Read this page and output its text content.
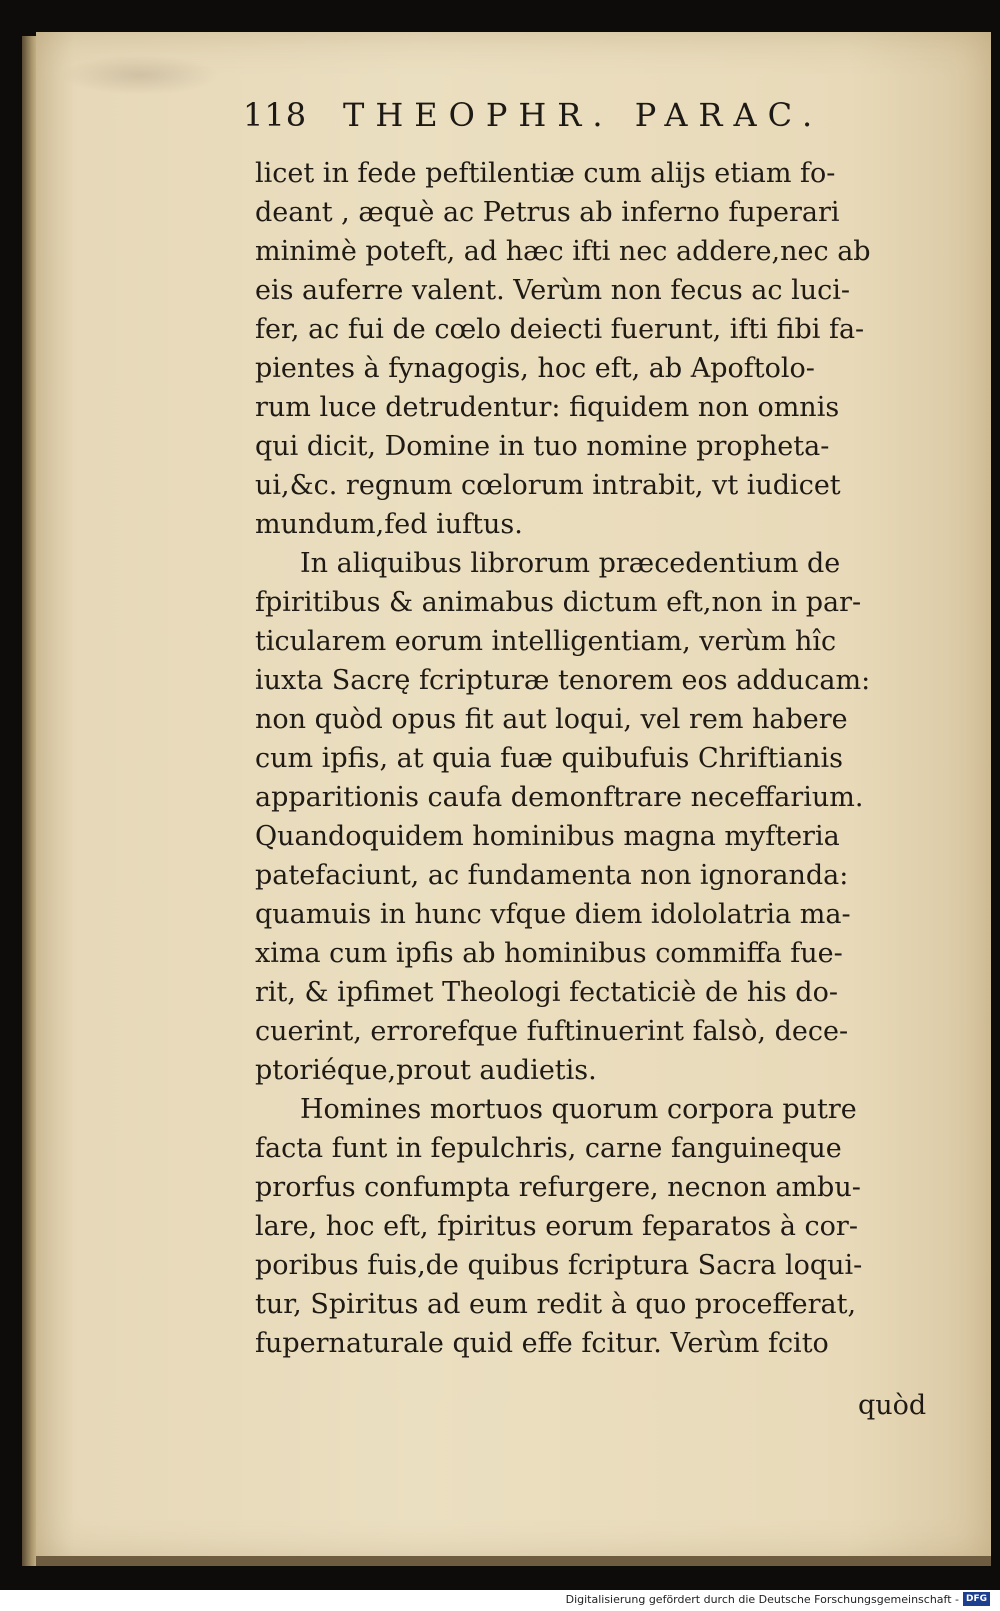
118 THEOPHR. PARAC.
licet in fede peftilentiæ cum alijs etiam fo-
deant , æquè ac Petrus ab inferno fuperari
minimè poteft, ad hæc ifti nec addere,nec ab
eis auferre valent. Verùm non fecus ac luci-
fer, ac fui de cœlo deiecti fuerunt, ifti fibi fa-
pientes à fynagogis, hoc eft, ab Apoftolo-
rum luce detrudentur: fiquidem non omnis
qui dicit, Domine in tuo nomine propheta-
ui,&c. regnum cœlorum intrabit, vt iudicet
mundum,fed iuftus.
In aliquibus librorum præcedentium de
fpiritibus & animabus dictum eft,non in par-
ticularem eorum intelligentiam, verùm hîc
iuxta Sacrę fcripturæ tenorem eos adducam:
non quòd opus fit aut loqui, vel rem habere
cum ipfis, at quia fuæ quibufuis Chriftianis
apparitionis caufa demonftrare neceffarium.
Quandoquidem hominibus magna myfteria
patefaciunt, ac fundamenta non ignoranda:
quamuis in hunc vfque diem idololatria ma-
xima cum ipfis ab hominibus commiffa fue-
rit, & ipfimet Theologi fectaticiè de his do-
cuerint, errorefque fuftinuerint falsò, dece-
ptoriéque,prout audietis.
Homines mortuos quorum corpora putre
facta funt in fepulchris, carne fanguineque
prorfus confumpta refurgere, necnon ambu-
lare, hoc eft, fpiritus eorum feparatos à cor-
poribus fuis,de quibus fcriptura Sacra loqui-
tur, Spiritus ad eum redit à quo procefferat,
fupernaturale quid effe fcitur. Verùm fcito
quòd
Digitalisierung gefördert durch die Deutsche Forschungsgemeinschaft - DFG
